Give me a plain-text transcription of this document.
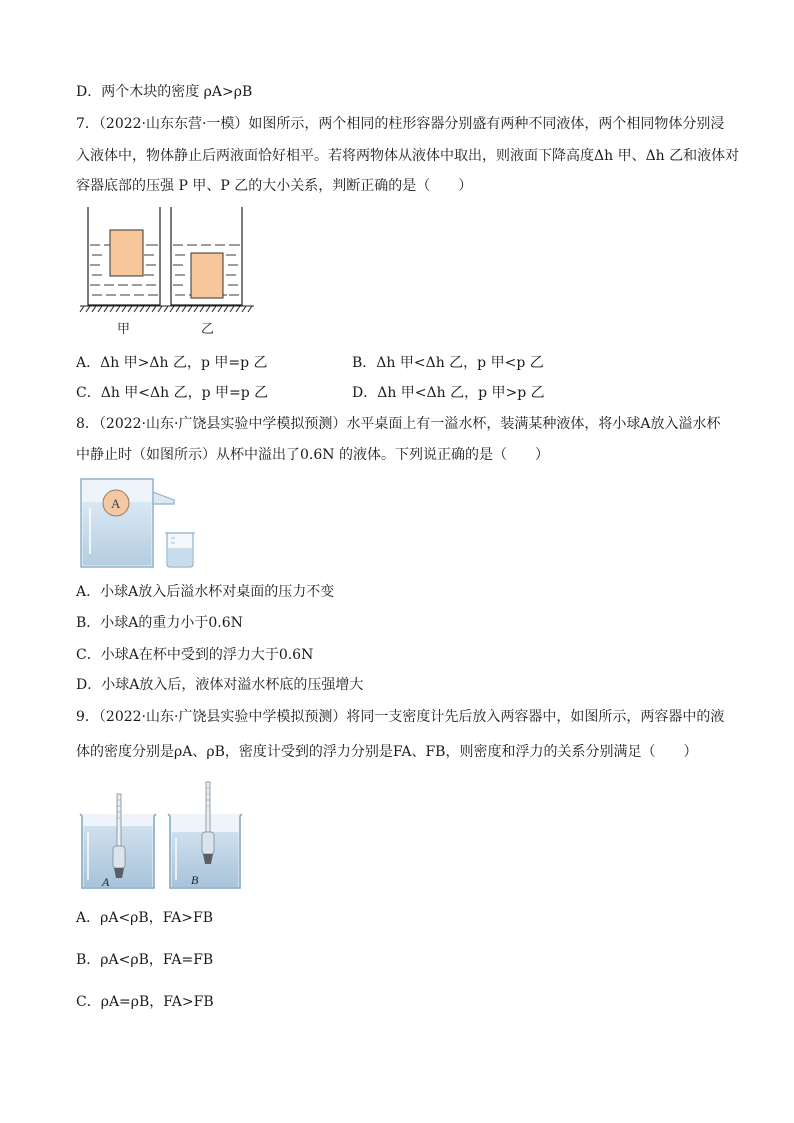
D．两个木块的密度 ρA>ρB
7．（2022·山东东营·一模）如图所示，两个相同的柱形容器分别盛有两种不同液体，两个相同物体分别浸
入液体中，物体静止后两液面恰好相平。若将两物体从液体中取出，则液面下降高度Δh 甲、Δh 乙和液体对
容器底部的压强 P 甲、P 乙的大小关系，判断正确的是（　　）
甲	乙
A．Δh 甲>Δh 乙，p 甲=p 乙	B．Δh 甲<Δh 乙，p 甲<p 乙
C．Δh 甲<Δh 乙，p 甲=p 乙	D．Δh 甲<Δh 乙，p 甲>p 乙
8．（2022·山东·广饶县实验中学模拟预测）水平桌面上有一溢水杯，装满某种液体，将小球A放入溢水杯
中静止时（如图所示）从杯中溢出了0.6N 的液体。下列说正确的是（　　）
A
A．小球A放入后溢水杯对桌面的压力不变
B．小球A的重力小于0.6N
C．小球A在杯中受到的浮力大于0.6N
D．小球A放入后，液体对溢水杯底的压强增大
9．（2022·山东·广饶县实验中学模拟预测）将同一支密度计先后放入两容器中，如图所示，两容器中的液
体的密度分别是ρA、ρB，密度计受到的浮力分别是FA、FB，则密度和浮力的关系分别满足（　　）
A	B
A．ρA<ρB，FA>FB
B．ρA<ρB，FA=FB
C．ρA=ρB，FA>FB
